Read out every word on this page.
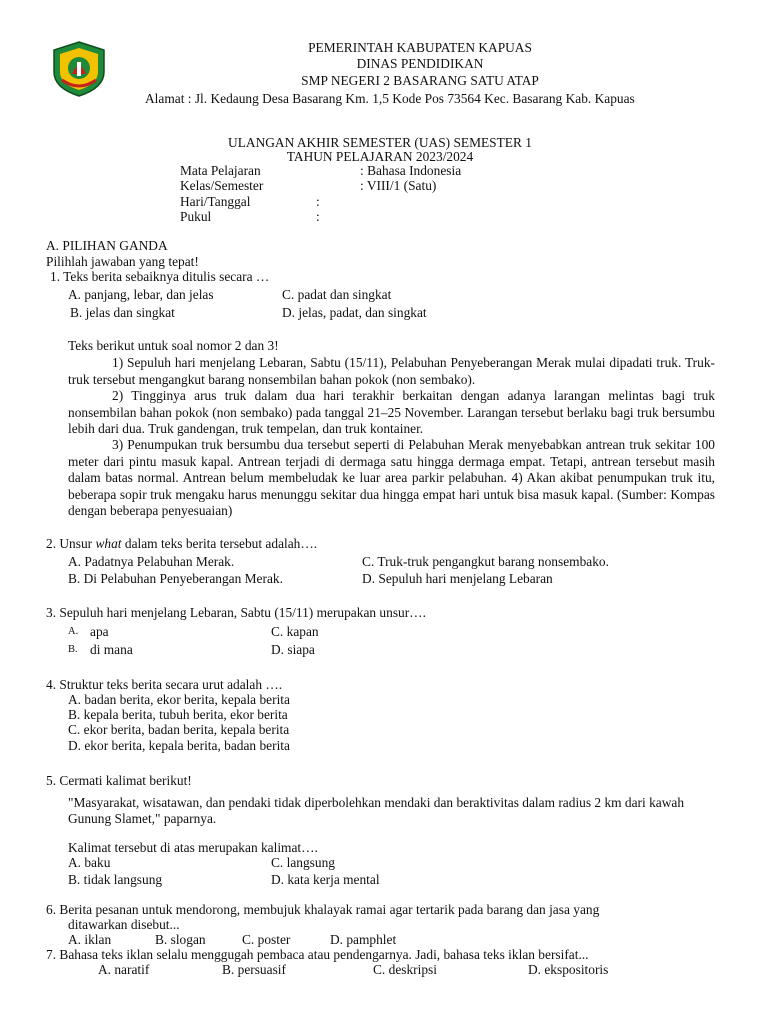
PEMERINTAH KABUPATEN KAPUAS
DINAS PENDIDIKAN
SMP NEGERI 2 BASARANG SATU ATAP
Alamat : Jl. Kedaung Desa Basarang Km. 1,5 Kode Pos 73564 Kec. Basarang Kab. Kapuas
ULANGAN AKHIR SEMESTER (UAS) SEMESTER 1
TAHUN PELAJARAN 2023/2024
Mata Pelajaran	: Bahasa Indonesia
Kelas/Semester	: VIII/1 (Satu)
Hari/Tanggal	:
Pukul	:
A. PILIHAN GANDA
Pilihlah jawaban yang tepat!
1. Teks berita sebaiknya ditulis secara …
A. panjang, lebar, dan jelas	C. padat dan singkat
B. jelas dan singkat	D. jelas, padat, dan singkat
Teks berikut untuk soal nomor 2 dan 3!
1) Sepuluh hari menjelang Lebaran, Sabtu (15/11), Pelabuhan Penyeberangan Merak mulai dipadati truk. Truk-truk tersebut mengangkut barang nonsembilan bahan pokok (non sembako).
2) Tingginya arus truk dalam dua hari terakhir berkaitan dengan adanya larangan melintas bagi truk nonsembilan bahan pokok (non sembako) pada tanggal 21–25 November. Larangan tersebut berlaku bagi truk bersumbu lebih dari dua. Truk gandengan, truk tempelan, dan truk kontainer.
3) Penumpukan truk bersumbu dua tersebut seperti di Pelabuhan Merak menyebabkan antrean truk sekitar 100 meter dari pintu masuk kapal. Antrean terjadi di dermaga satu hingga dermaga empat. Tetapi, antrean tersebut masih dalam batas normal. Antrean belum membeludak ke luar area parkir pelabuhan. 4) Akan akibat penumpukan truk itu, beberapa sopir truk mengaku harus menunggu sekitar dua hingga empat hari untuk bisa masuk kapal. (Sumber: Kompas dengan beberapa penyesuaian)
2. Unsur what dalam teks berita tersebut adalah….
A. Padatnya Pelabuhan Merak.	C. Truk-truk pengangkut barang nonsembako.
B. Di Pelabuhan Penyeberangan Merak.	D. Sepuluh hari menjelang Lebaran
3. Sepuluh hari menjelang Lebaran, Sabtu (15/11) merupakan unsur….
A. apa	C. kapan
B. di mana	D. siapa
4. Struktur teks berita secara urut adalah ….
A. badan berita, ekor berita, kepala berita
B. kepala berita, tubuh berita, ekor berita
C. ekor berita, badan berita, kepala berita
D. ekor berita, kepala berita, badan berita
5. Cermati kalimat berikut!
"Masyarakat, wisatawan, dan pendaki tidak diperbolehkan mendaki dan beraktivitas dalam radius 2 km dari kawah Gunung Slamet," paparnya.
Kalimat tersebut di atas merupakan kalimat….
A. baku	C. langsung
B. tidak langsung	D. kata kerja mental
6. Berita pesanan untuk mendorong, membujuk khalayak ramai agar tertarik pada barang dan jasa yang
ditawarkan disebut...
A. iklan	B. slogan	C. poster	D. pamphlet
7. Bahasa teks iklan selalu menggugah pembaca atau pendengarnya. Jadi, bahasa teks iklan bersifat...
A. naratif	B. persuasif	C. deskripsi	D. ekspositoris
